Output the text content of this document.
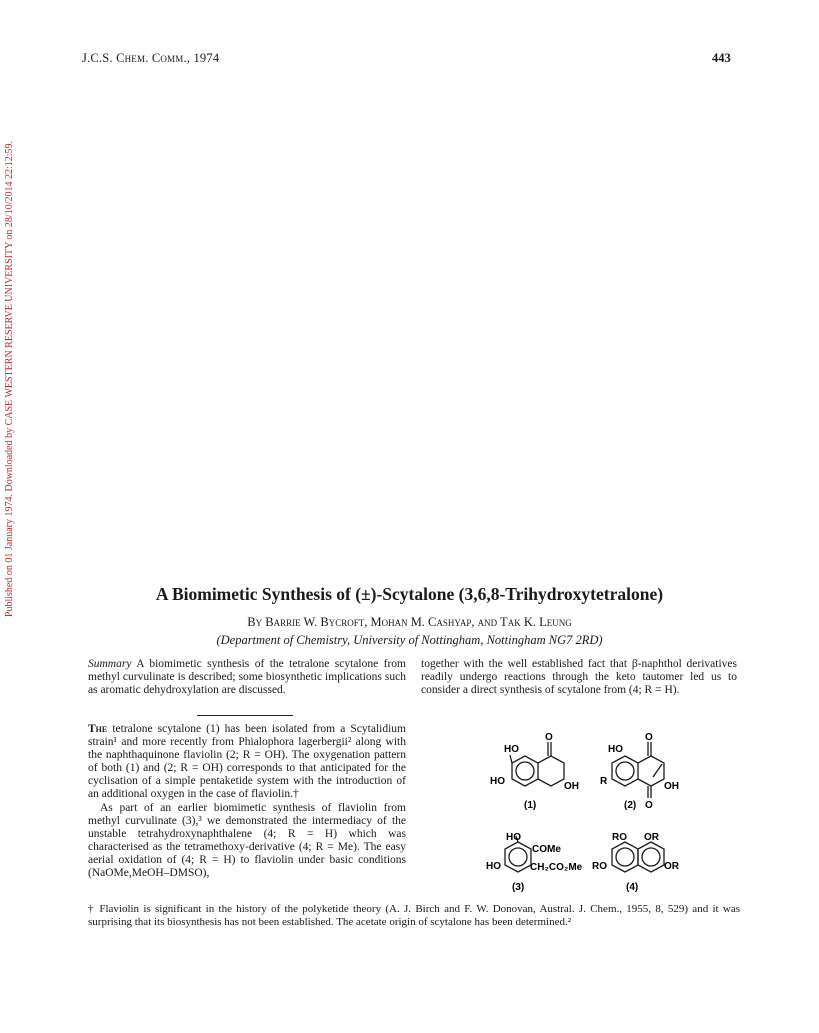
Published on 01 January 1974. Downloaded by CASE WESTERN RESERVE UNIVERSITY on 28/10/2014 22:12:59.
J.C.S. Chem. Comm., 1974	443
A Biomimetic Synthesis of (±)-Scytalone (3,6,8-Trihydroxytetralone)
By Barrie W. Bycroft, Mohan M. Cashyap, and Tak K. Leung
(Department of Chemistry, University of Nottingham, Nottingham NG7 2RD)
Summary A biomimetic synthesis of the tetralone scytalone from methyl curvulinate is described; some biosynthetic implications such as aromatic dehydroxylation are discussed.
together with the well established fact that β-naphthol derivatives readily undergo reactions through the keto tautomer led us to consider a direct synthesis of scytalone from (4; R = H).
The tetralone scytalone (1) has been isolated from a Scytalidium strain¹ and more recently from Phialophora lagerbergii² along with the naphthaquinone flaviolin (2; R = OH). The oxygenation pattern of both (1) and (2; R = OH) corresponds to that anticipated for the cyclisation of a simple pentaketide system with the introduction of an additional oxygen in the case of flaviolin.†
As part of an earlier biomimetic synthesis of flaviolin from methyl curvulinate (3),³ we demonstrated the intermediacy of the unstable tetrahydroxynaphthalene (4; R = H) which was characterised as the tetramethoxy-derivative (4; R = Me). The easy aerial oxidation of (4; R = H) to flaviolin under basic conditions (NaOMe,MeOH–DMSO),
HO
O
HO	OH
(1)
HO
O
R	OH
O
(2)
HO
COMe
HO	CH₂CO₂Me
(3)
RO OR
RO	OR
(4)
† Flaviolin is significant in the history of the polyketide theory (A. J. Birch and F. W. Donovan, Austral. J. Chem., 1955, 8, 529) and it was surprising that its biosynthesis has not been established. The acetate origin of scytalone has been determined.²
